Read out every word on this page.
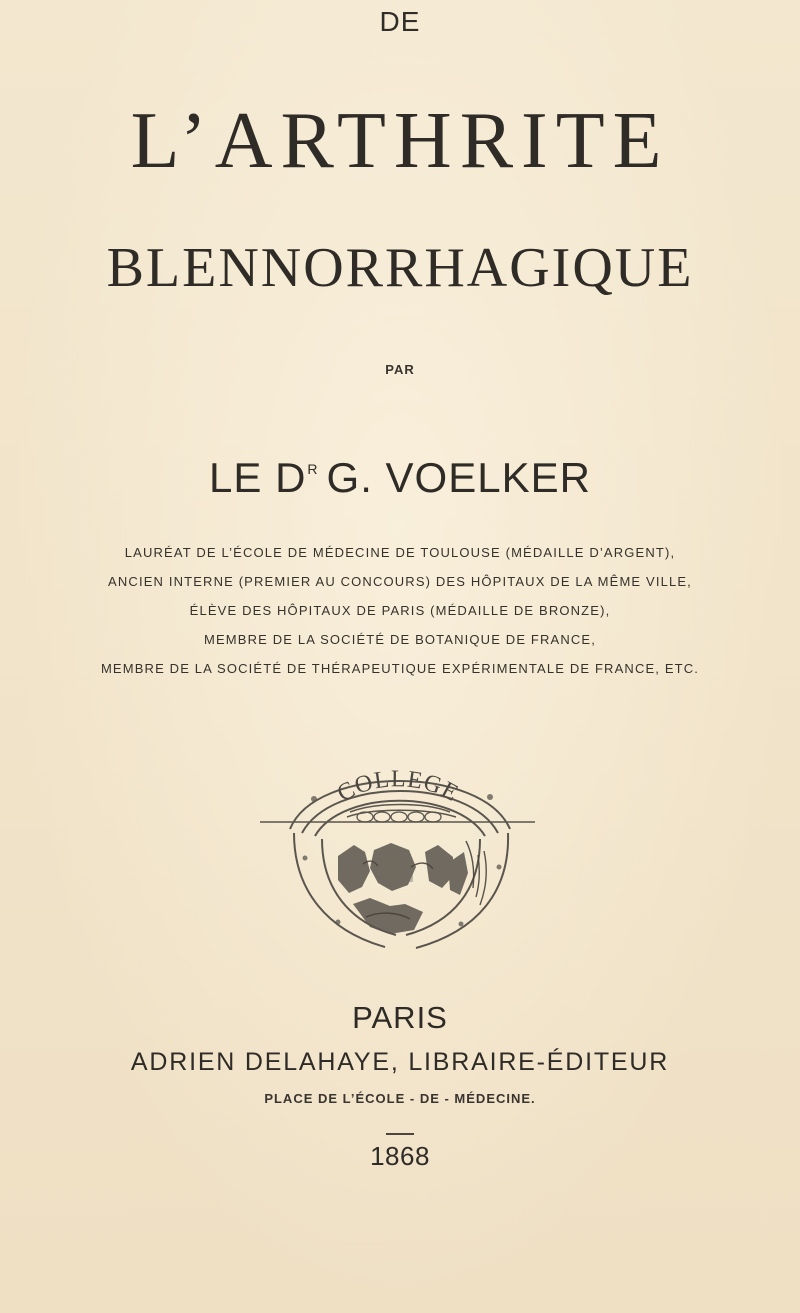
DE
L’ARTHRITE
BLENNORRHAGIQUE
PAR
LE $D^R$ G. VOELKER
LAURÉAT DE L’ÉCOLE DE MÉDECINE DE TOULOUSE (MÉDAILLE D’ARGENT),
ANCIEN INTERNE (PREMIER AU CONCOURS) DES HÔPITAUX DE LA MÊME VILLE,
ÉLÈVE DES HÔPITAUX DE PARIS (MÉDAILLE DE BRONZE),
MEMBRE DE LA SOCIÉTÉ DE BOTANIQUE DE FRANCE,
MEMBRE DE LA SOCIÉTÉ DE THÉRAPEUTIQUE EXPÉRIMENTALE DE FRANCE, ETC.
COLLEGE
PARIS
ADRIEN DELAHAYE, LIBRAIRE-ÉDITEUR
PLACE DE L’ÉCOLE - DE - MÉDECINE.
1868
